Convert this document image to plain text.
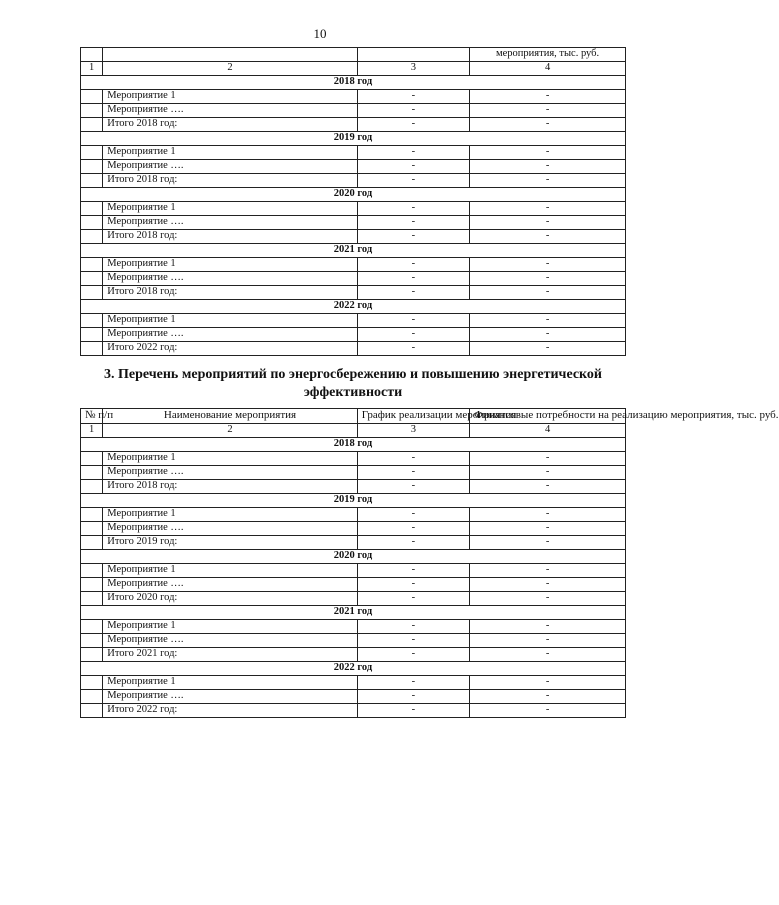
10
			мероприятия, тыс. руб.
1	2	3	4
2018 год			
	Мероприятие 1	-	-
	Мероприятие ….	-	-
	Итого 2018 год:	-	-
2019 год			
	Мероприятие 1	-	-
	Мероприятие ….	-	-
	Итого 2018 год:	-	-
2020 год			
	Мероприятие 1	-	-
	Мероприятие ….	-	-
	Итого 2018 год:	-	-
2021 год			
	Мероприятие 1	-	-
	Мероприятие ….	-	-
	Итого 2018 год:	-	-
2022 год			
	Мероприятие 1	-	-
	Мероприятие ….	-	-
	Итого 2022 год:	-	-
3. Перечень мероприятий по энергосбережению и повышению энергетической эффективности
№ п/п	Наименование мероприятия	График реализации мероприятия	Финансовые потребности на реализацию мероприятия, тыс. руб.
1	2	3	4
2018 год			
	Мероприятие 1	-	-
	Мероприятие ….	-	-
	Итого 2018 год:	-	-
2019 год			
	Мероприятие 1	-	-
	Мероприятие ….	-	-
	Итого 2019 год:	-	-
2020 год			
	Мероприятие 1	-	-
	Мероприятие ….	-	-
	Итого 2020 год:	-	-
2021 год			
	Мероприятие 1	-	-
	Мероприятие ….	-	-
	Итого 2021 год:	-	-
2022 год			
	Мероприятие 1	-	-
	Мероприятие ….	-	-
	Итого 2022 год:	-	-
